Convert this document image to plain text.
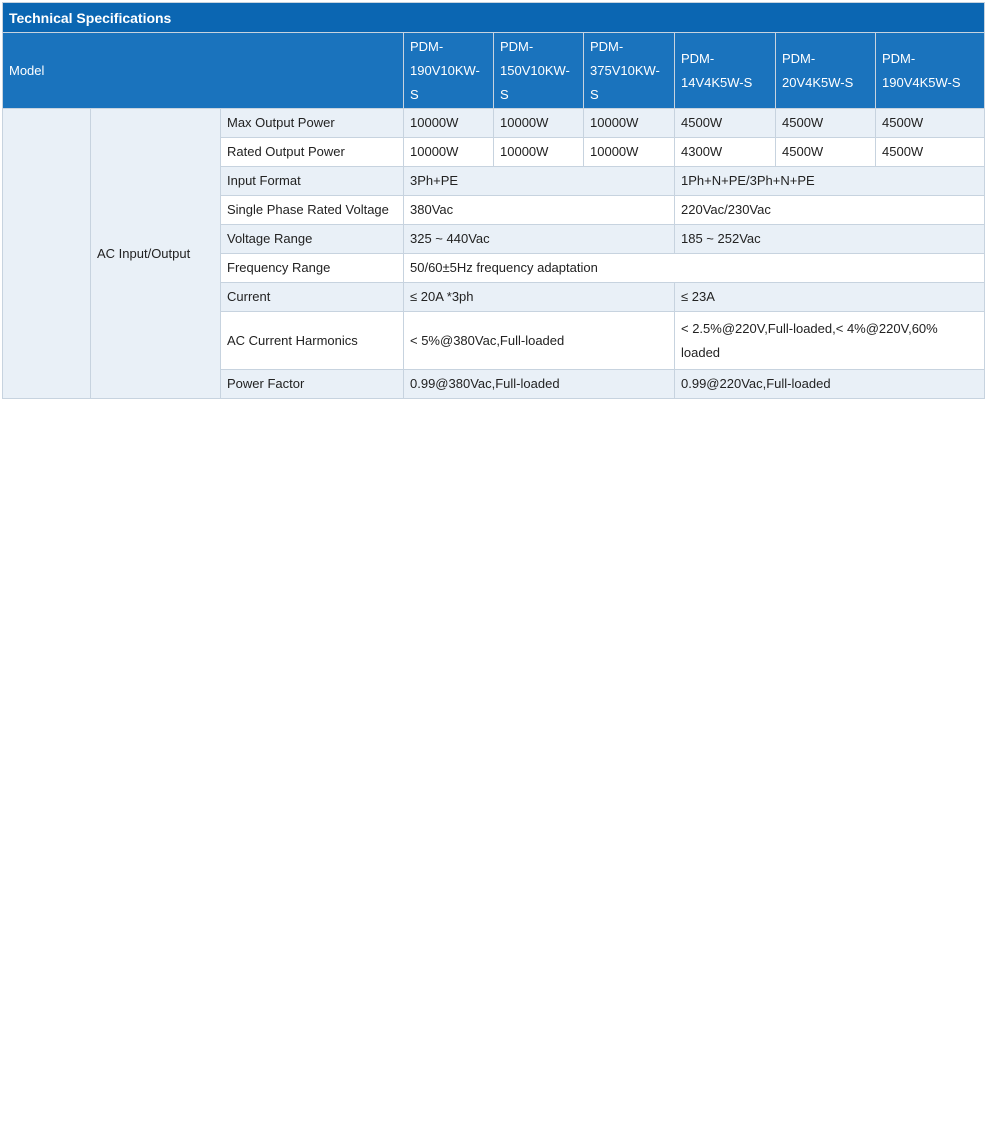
Technical Specifications								
Model			PDM-190V10KW-S	PDM-150V10KW-S	PDM-375V10KW-S	PDM-14V4K5W-S	PDM-20V4K5W-S	PDM-190V4K5W-S
	AC Input/Output	Max Output Power	10000W	10000W	10000W	4500W	4500W	4500W
		Rated Output Power	10000W	10000W	10000W	4300W	4500W	4500W
		Input Format	3Ph+PE			1Ph+N+PE/3Ph+N+PE		
		Single Phase Rated Voltage	380Vac			220Vac/230Vac		
		Voltage Range	325 ~ 440Vac			185 ~ 252Vac		
		Frequency Range	50/60±5Hz frequency adaptation					
		Current	≤ 20A *3ph			≤ 23A		
		AC Current Harmonics	< 5%@380Vac,Full-loaded			< 2.5%@220V,Full-loaded,< 4%@220V,60% loaded		
		Power Factor	0.99@380Vac,Full-loaded			0.99@220Vac,Full-loaded		
